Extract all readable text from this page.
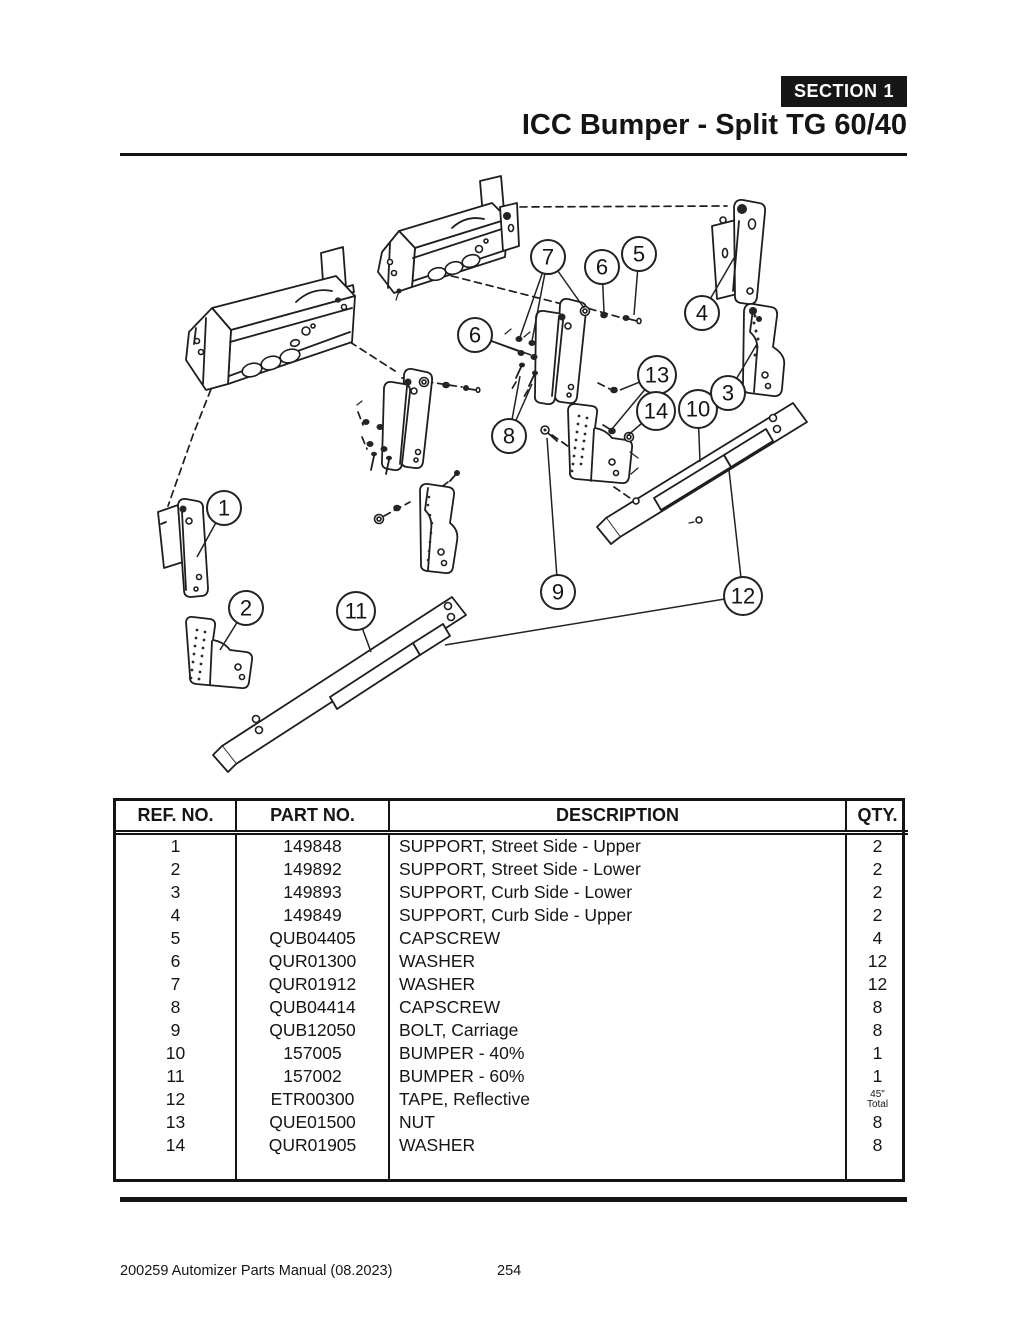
SECTION 1
ICC Bumper - Split TG 60/40
1
2	11
9	12
10
8
13
14
3
4
5
6
7
6
REF. NO.	PART NO.	DESCRIPTION	QTY.
1	149848	SUPPORT, Street Side - Upper	2
2	149892	SUPPORT, Street Side - Lower	2
3	149893	SUPPORT, Curb Side - Lower	2
4	149849	SUPPORT, Curb Side - Upper	2
5	QUB04405	CAPSCREW	4
6	QUR01300	WASHER	12
7	QUR01912	WASHER	12
8	QUB04414	CAPSCREW	8
9	QUB12050	BOLT, Carriage	8
10	157005	BUMPER - 40%	1
11	157002	BUMPER - 60%	1
12	ETR00300	TAPE, Reflective	45"
Total

13	QUE01500	NUT	8
14	QUR01905	WASHER	8

200259 Automizer Parts Manual (08.2023)	254
